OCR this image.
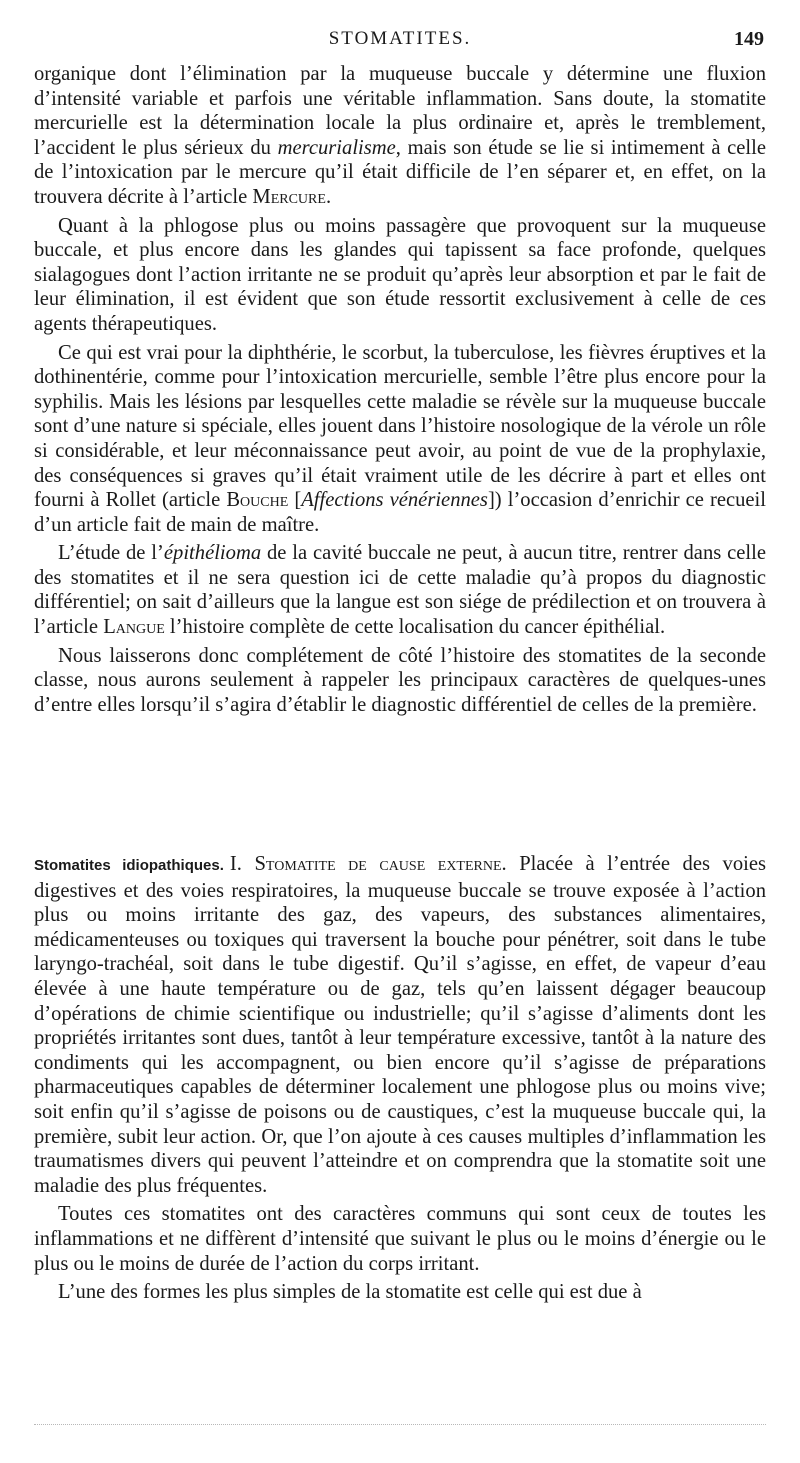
STOMATITES.	149

organique dont l’élimination par la muqueuse buccale y détermine une fluxion d’intensité variable et parfois une véritable inflammation. Sans doute, la stomatite mercurielle est la détermination locale la plus ordinaire et, après le tremblement, l’accident le plus sérieux du mercurialisme, mais son étude se lie si intimement à celle de l’intoxication par le mercure qu’il était difficile de l’en séparer et, en effet, on la trouvera décrite à l’article Mercure.

Quant à la phlogose plus ou moins passagère que provoquent sur la muqueuse buccale, et plus encore dans les glandes qui tapissent sa face profonde, quelques sialagogues dont l’action irritante ne se produit qu’après leur absorption et par le fait de leur élimination, il est évident que son étude ressortit exclusivement à celle de ces agents thérapeutiques.

Ce qui est vrai pour la diphthérie, le scorbut, la tuberculose, les fièvres éruptives et la dothinentérie, comme pour l’intoxication mercurielle, semble l’être plus encore pour la syphilis. Mais les lésions par lesquelles cette maladie se révèle sur la muqueuse buccale sont d’une nature si spéciale, elles jouent dans l’histoire nosologique de la vérole un rôle si considérable, et leur méconnaissance peut avoir, au point de vue de la prophylaxie, des conséquences si graves qu’il était vraiment utile de les décrire à part et elles ont fourni à Rollet (article Bouche [Affections vénériennes]) l’occasion d’enrichir ce recueil d’un article fait de main de maître.

L’étude de l’épithélioma de la cavité buccale ne peut, à aucun titre, rentrer dans celle des stomatites et il ne sera question ici de cette maladie qu’à propos du diagnostic différentiel; on sait d’ailleurs que la langue est son siége de prédilection et on trouvera à l’article Langue l’histoire complète de cette localisation du cancer épithélial.

Nous laisserons donc complétement de côté l’histoire des stomatites de la seconde classe, nous aurons seulement à rappeler les principaux caractères de quelques-unes d’entre elles lorsqu’il s’agira d’établir le diagnostic différentiel de celles de la première.

Stomatites idiopathiques. I. Stomatite de cause externe. Placée à l’entrée des voies digestives et des voies respiratoires, la muqueuse buccale se trouve exposée à l’action plus ou moins irritante des gaz, des vapeurs, des substances alimentaires, médicamenteuses ou toxiques qui traversent la bouche pour pénétrer, soit dans le tube laryngo-trachéal, soit dans le tube digestif. Qu’il s’agisse, en effet, de vapeur d’eau élevée à une haute température ou de gaz, tels qu’en laissent dégager beaucoup d’opérations de chimie scientifique ou industrielle; qu’il s’agisse d’aliments dont les propriétés irritantes sont dues, tantôt à leur température excessive, tantôt à la nature des condiments qui les accompagnent, ou bien encore qu’il s’agisse de préparations pharmaceutiques capables de déterminer localement une phlogose plus ou moins vive; soit enfin qu’il s’agisse de poisons ou de caustiques, c’est la muqueuse buccale qui, la première, subit leur action. Or, que l’on ajoute à ces causes multiples d’inflammation les traumatismes divers qui peuvent l’atteindre et on comprendra que la stomatite soit une maladie des plus fréquentes.

Toutes ces stomatites ont des caractères communs qui sont ceux de toutes les inflammations et ne diffèrent d’intensité que suivant le plus ou le moins d’énergie ou le plus ou le moins de durée de l’action du corps irritant.

L’une des formes les plus simples de la stomatite est celle qui est due à
